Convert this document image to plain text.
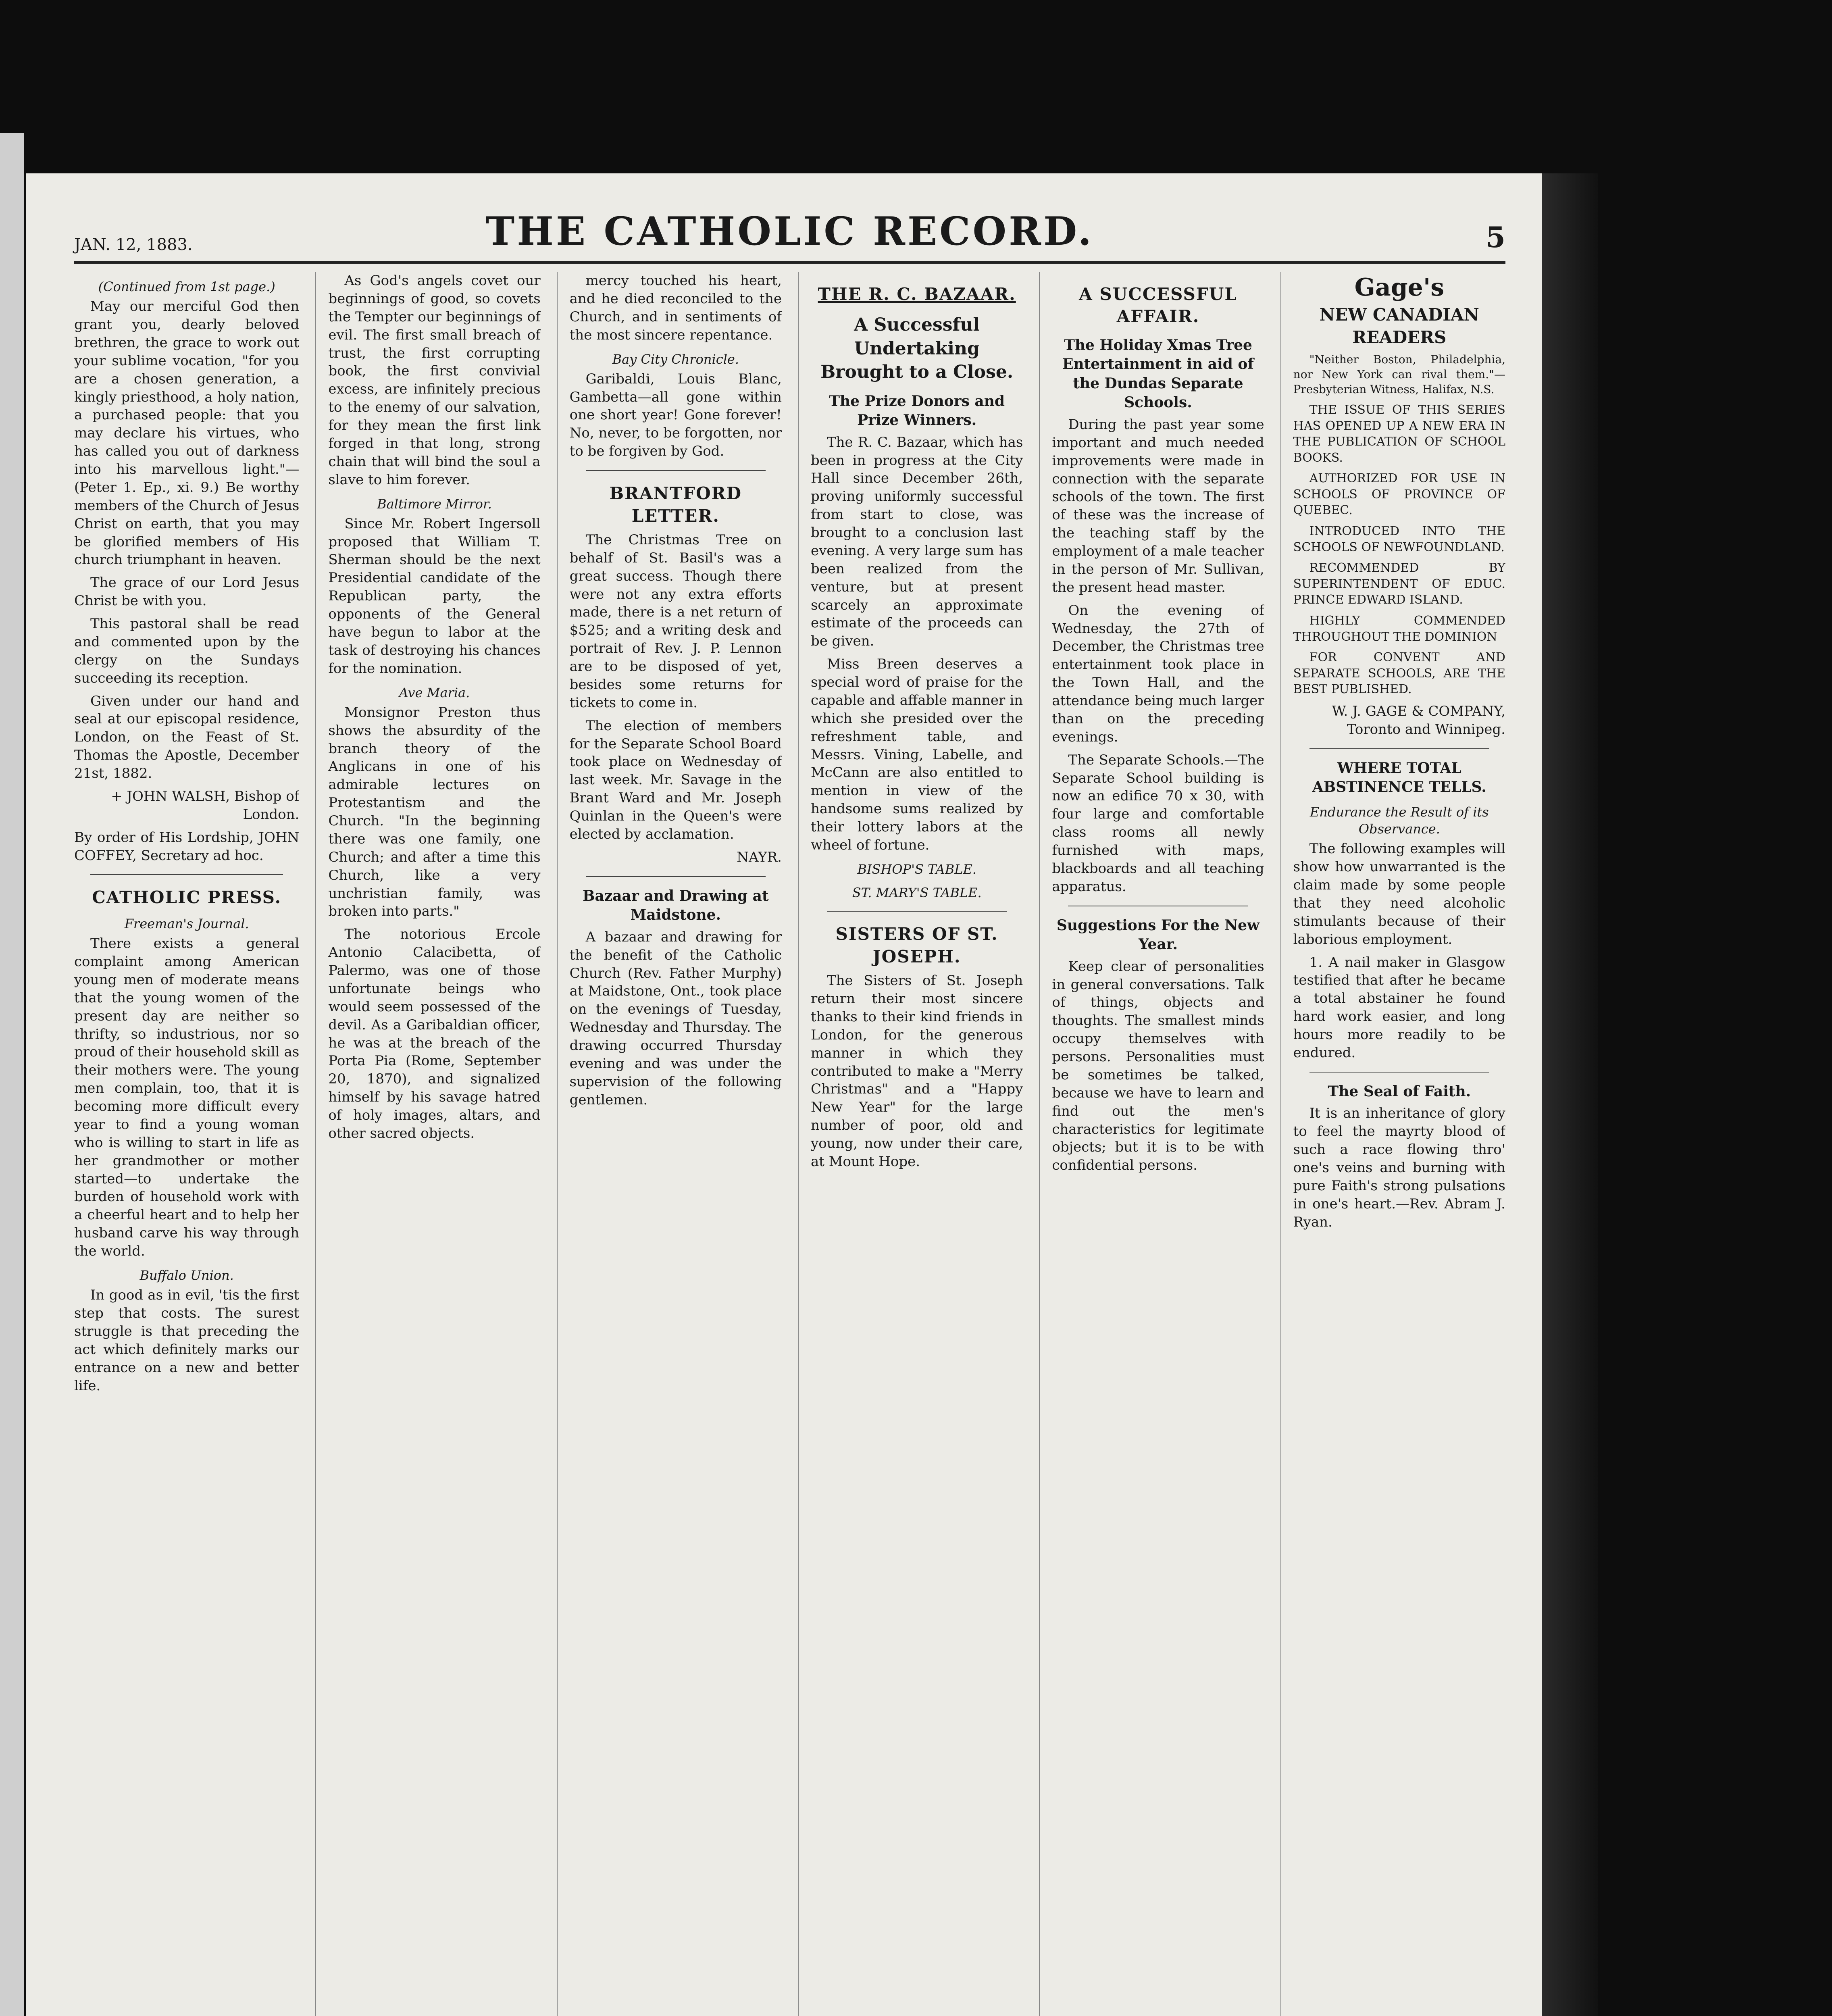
JAN. 12, 1883.	THE CATHOLIC RECORD.	5
(Continued from 1st page.)

May our merciful God then grant you, dearly beloved brethren, the grace to work out your sublime vocation, "for you are a chosen generation, a kingly priesthood, a holy nation, a purchased people: that you may declare his virtues, who has called you out of darkness into his marvellous light."—(Peter 1. Ep., xi. 9.) Be worthy members of the Church of Jesus Christ on earth, that you may be glorified members of His church triumphant in heaven.

The grace of our Lord Jesus Christ be with you.

This pastoral shall be read and commented upon by the clergy on the Sundays succeeding its reception.

Given under our hand and seal at our episcopal residence, London, on the Feast of St. Thomas the Apostle, December 21st, 1882.

+ JOHN WALSH, Bishop of London.

By order of His Lordship, JOHN COFFEY, Secretary ad hoc.

CATHOLIC PRESS.
Freeman's Journal.

There exists a general complaint among American young men of moderate means that the young women of the present day are neither so thrifty, so industrious, nor so proud of their household skill as their mothers were. The young men complain, too, that it is becoming more difficult every year to find a young woman who is willing to start in life as her grandmother or mother started—to undertake the burden of household work with a cheerful heart and to help her husband carve his way through the world.

Buffalo Union.

In good as in evil, 'tis the first step that costs. The surest struggle is that preceding the act which definitely marks our entrance on a new and better life.

As God's angels covet our beginnings of good, so covets the Tempter our beginnings of evil. The first small breach of trust, the first corrupting book, the first convivial excess, are infinitely precious to the enemy of our salvation, for they mean the first link forged in that long, strong chain that will bind the soul a slave to him forever.

Baltimore Mirror.

Since Mr. Robert Ingersoll proposed that William T. Sherman should be the next Presidential candidate of the Republican party, the opponents of the General have begun to labor at the task of destroying his chances for the nomination.

Ave Maria.

Monsignor Preston thus shows the absurdity of the branch theory of the Anglicans in one of his admirable lectures on Protestantism and the Church. "In the beginning there was one family, one Church; and after a time this Church, like a very unchristian family, was broken into parts."

The notorious Ercole Antonio Calacibetta, of Palermo, was one of those unfortunate beings who would seem possessed of the devil. As a Garibaldian officer, he was at the breach of the Porta Pia (Rome, September 20, 1870), and signalized himself by his savage hatred of holy images, altars, and other sacred objects.

mercy touched his heart, and he died reconciled to the Church, and in sentiments of the most sincere repentance.

Bay City Chronicle.

Garibaldi, Louis Blanc, Gambetta—all gone within one short year! Gone forever! No, never, to be forgotten, nor to be forgiven by God.

BRANTFORD LETTER.

The Christmas Tree on behalf of St. Basil's was a great success. Though there were not any extra efforts made, there is a net return of $525; and a writing desk and portrait of Rev. J. P. Lennon are to be disposed of yet, besides some returns for tickets to come in.

The election of members for the Separate School Board took place on Wednesday of last week. Mr. Savage in the Brant Ward and Mr. Joseph Quinlan in the Queen's were elected by acclamation.

NAYR.

Bazaar and Drawing at Maidstone.

A bazaar and drawing for the benefit of the Catholic Church (Rev. Father Murphy) at Maidstone, Ont., took place on the evenings of Tuesday, Wednesday and Thursday. The drawing occurred Thursday evening and was under the supervision of the following gentlemen.

THE R. C. BAZAAR.
A Successful Undertaking Brought to a Close.
The Prize Donors and Prize Winners.

The R. C. Bazaar, which has been in progress at the City Hall since December 26th, proving uniformly successful from start to close, was brought to a conclusion last evening. A very large sum has been realized from the venture, but at present scarcely an approximate estimate of the proceeds can be given.

Miss Breen deserves a special word of praise for the capable and affable manner in which she presided over the refreshment table, and Messrs. Vining, Labelle, and McCann are also entitled to mention in view of the handsome sums realized by their lottery labors at the wheel of fortune.

BISHOP'S TABLE.
ST. MARY'S TABLE.
SISTERS OF ST. JOSEPH.

The Sisters of St. Joseph return their most sincere thanks to their kind friends in London, for the generous manner in which they contributed to make a "Merry Christmas" and a "Happy New Year" for the large number of poor, old and young, now under their care, at Mount Hope.

A SUCCESSFUL AFFAIR.
The Holiday Xmas Tree Entertainment in aid of the Dundas Separate Schools.

During the past year some important and much needed improvements were made in connection with the separate schools of the town. The first of these was the increase of the teaching staff by the employment of a male teacher in the person of Mr. Sullivan, the present head master.

On the evening of Wednesday, the 27th of December, the Christmas tree entertainment took place in the Town Hall, and the attendance being much larger than on the preceding evenings.

The Separate Schools.—The Separate School building is now an edifice 70 x 30, with four large and comfortable class rooms all newly furnished with maps, blackboards and all teaching apparatus.

Suggestions For the New Year.

Keep clear of personalities in general conversations. Talk of things, objects and thoughts. The smallest minds occupy themselves with persons. Personalities must be sometimes be talked, because we have to learn and find out the men's characteristics for legitimate objects; but it is to be with confidential persons.

Gage's
NEW CANADIAN READERS

"Neither Boston, Philadelphia, nor New York can rival them."—Presbyterian Witness, Halifax, N.S.

THE ISSUE OF THIS SERIES HAS OPENED UP A NEW ERA IN THE PUBLICATION OF SCHOOL BOOKS.

AUTHORIZED FOR USE IN SCHOOLS OF PROVINCE OF QUEBEC.

INTRODUCED INTO THE SCHOOLS OF NEWFOUNDLAND.

RECOMMENDED BY SUPERINTENDENT OF EDUC. PRINCE EDWARD ISLAND.

HIGHLY COMMENDED THROUGHOUT THE DOMINION

FOR CONVENT AND SEPARATE SCHOOLS, ARE THE BEST PUBLISHED.

W. J. GAGE & COMPANY, Toronto and Winnipeg.

WHERE TOTAL ABSTINENCE TELLS.
Endurance the Result of its Observance.

The following examples will show how unwarranted is the claim made by some people that they need alcoholic stimulants because of their laborious employment.

1. A nail maker in Glasgow testified that after he became a total abstainer he found hard work easier, and long hours more readily to be endured.

The Seal of Faith.

It is an inheritance of glory to feel the mayrty blood of such a race flowing thro' one's veins and burning with pure Faith's strong pulsations in one's heart.—Rev. Abram J. Ryan.
